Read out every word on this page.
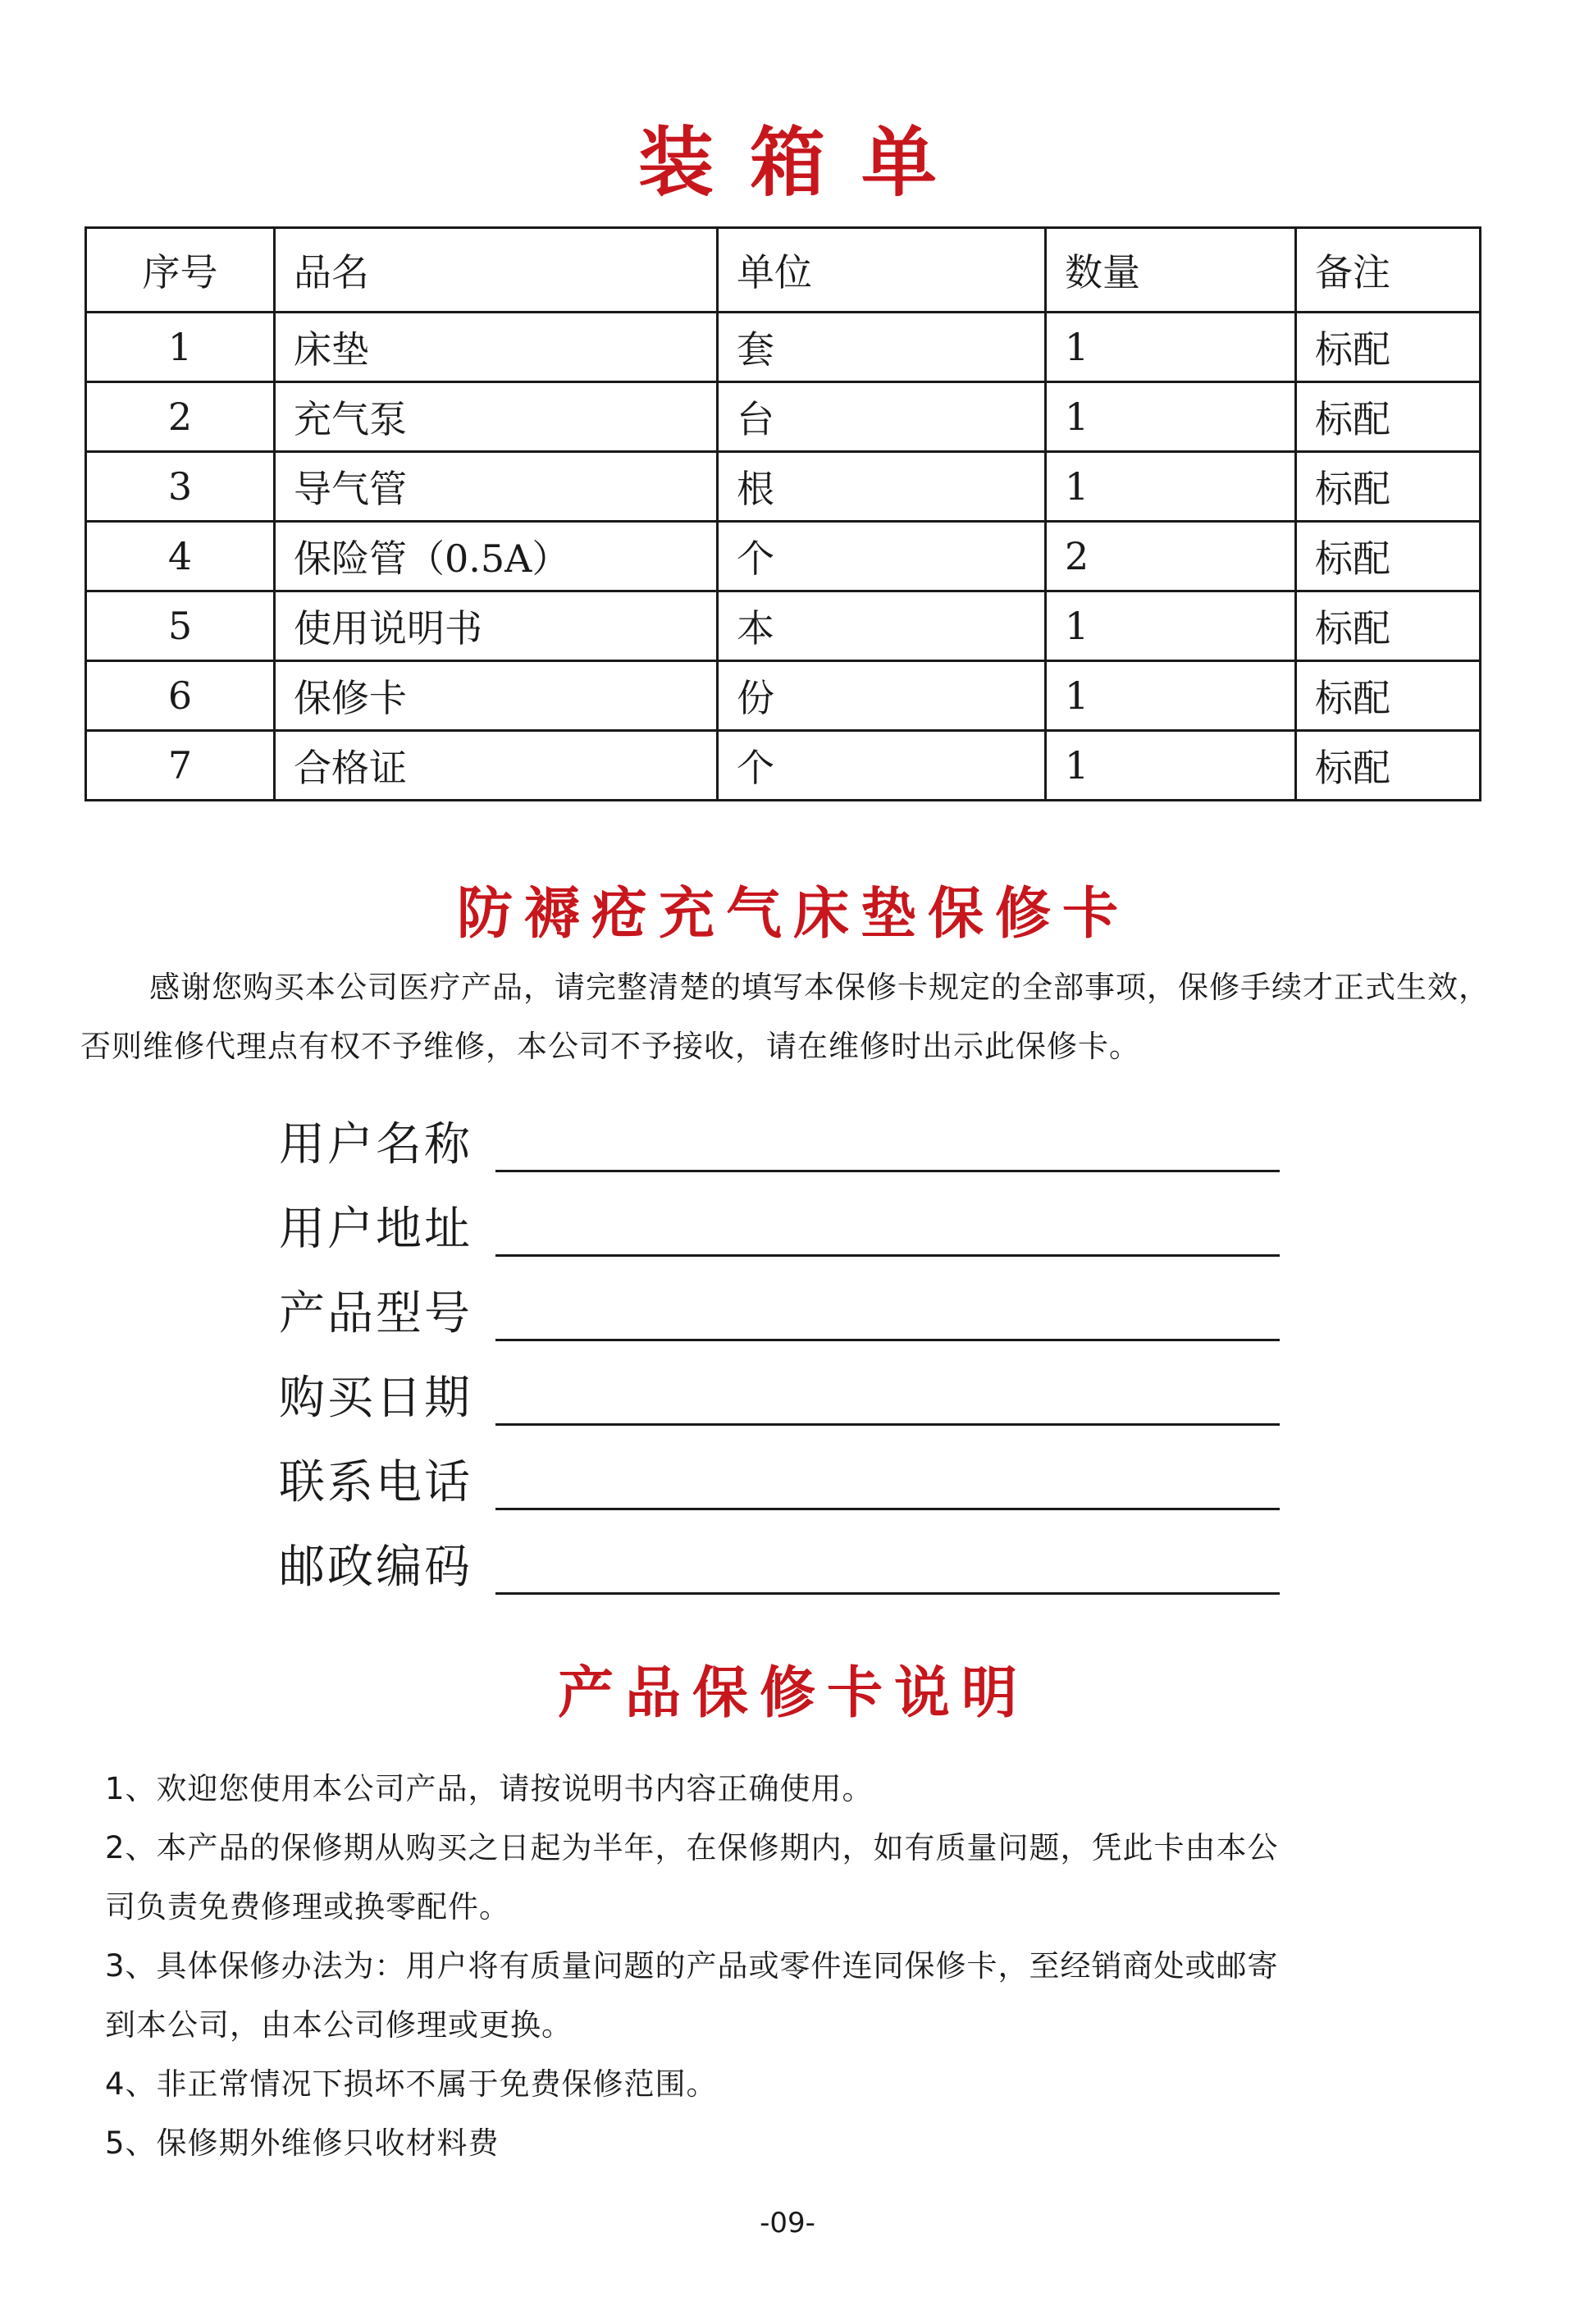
装箱单
序号	品名	单位	数量	备注
1	床垫	套	1	标配
2	充气泵	台	1	标配
3	导气管	根	1	标配
4	保险管（0.5A）	个	2	标配
5	使用说明书	本	1	标配
6	保修卡	份	1	标配
7	合格证	个	1	标配
防褥疮充气床垫保修卡
感谢您购买本公司医疗产品，请完整清楚的填写本保修卡规定的全部事项，保修手续才正式生效，否则维修代理点有权不予维修，本公司不予接收，请在维修时出示此保修卡。
用户名称
用户地址
产品型号
购买日期
联系电话
邮政编码
产品保修卡说明

1、欢迎您使用本公司产品，请按说明书内容正确使用。

2、本产品的保修期从购买之日起为半年，在保修期内，如有质量问题，凭此卡由本公

司负责免费修理或换零配件。

3、具体保修办法为：用户将有质量问题的产品或零件连同保修卡，至经销商处或邮寄

到本公司，由本公司修理或更换。

4、非正常情况下损坏不属于免费保修范围。

5、保修期外维修只收材料费

-09-
